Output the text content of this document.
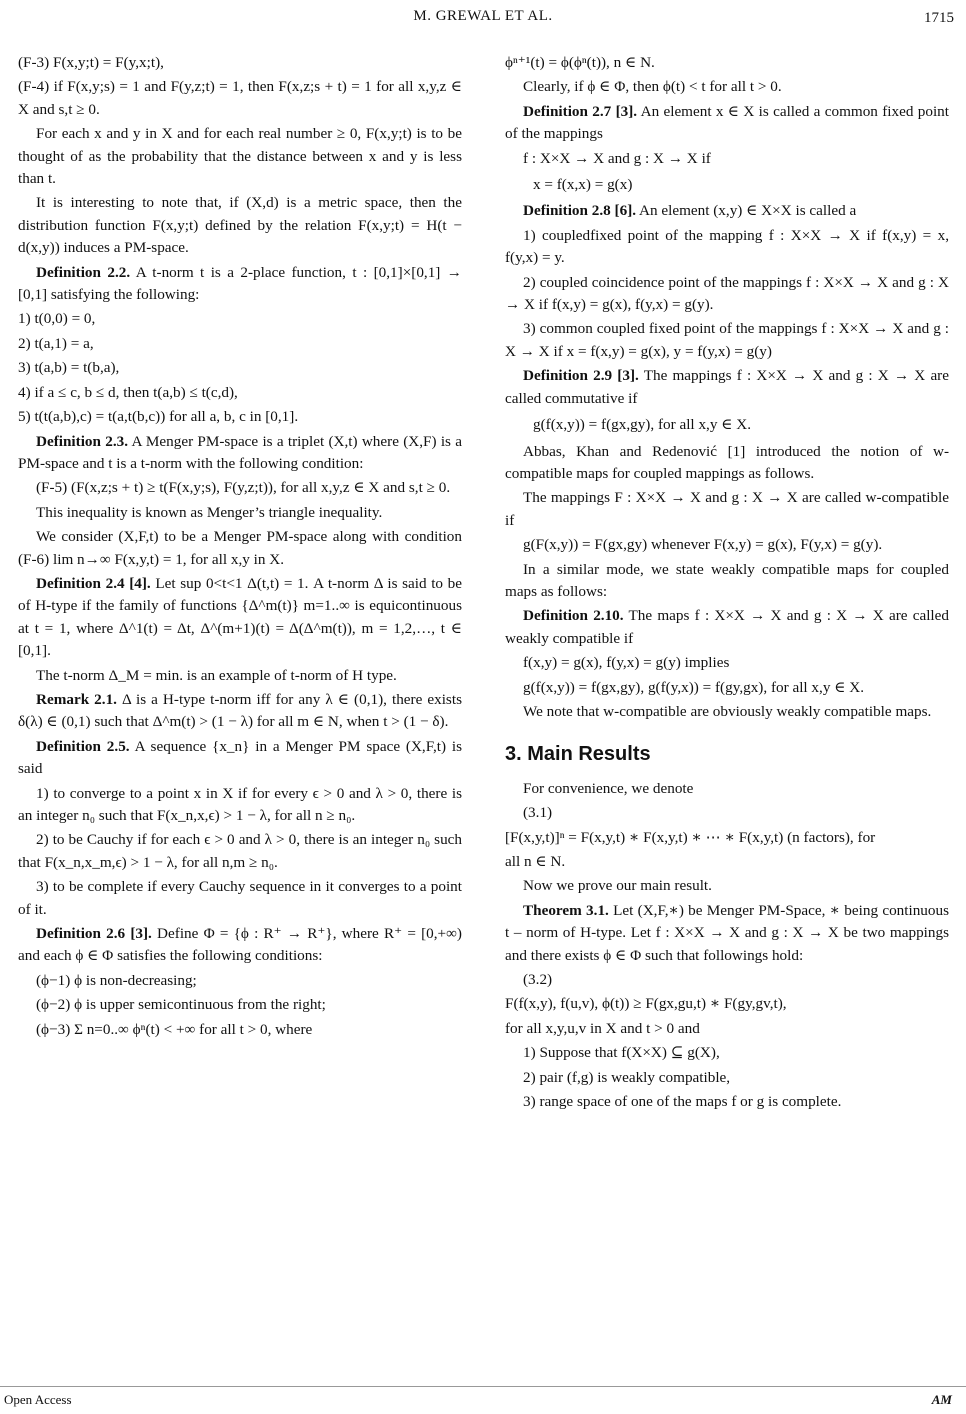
M. GREWAL ET AL.	1715

(F-3) F(x,y;t) = F(y,x;t),

(F-4) if F(x,y;s) = 1 and F(y,z;t) = 1, then F(x,z;s + t) = 1 for all x,y,z ∈ X and s,t ≥ 0.

For each x and y in X and for each real number ≥ 0, F(x,y;t) is to be thought of as the probability that the distance between x and y is less than t.

It is interesting to note that, if (X,d) is a metric space, then the distribution function F(x,y;t) defined by the relation F(x,y;t) = H(t − d(x,y)) induces a PM-space.

Definition 2.2. A t-norm t is a 2-place function, t : [0,1]×[0,1] → [0,1] satisfying the following:

1) t(0,0) = 0,

2) t(a,1) = a,

3) t(a,b) = t(b,a),

4) if a ≤ c, b ≤ d, then t(a,b) ≤ t(c,d),

5) t(t(a,b),c) = t(a,t(b,c)) for all a, b, c in [0,1].

Definition 2.3. A Menger PM-space is a triplet (X,t) where (X,F) is a PM-space and t is a t-norm with the following condition:

(F-5) (F(x,z;s + t) ≥ t(F(x,y;s), F(y,z;t)), for all x,y,z ∈ X and s,t ≥ 0.

This inequality is known as Menger’s triangle inequality.

We consider (X,F,t) to be a Menger PM-space along with condition (F-6) lim n→∞ F(x,y,t) = 1, for all x,y in X.

Definition 2.4 [4]. Let sup 0<t<1 Δ(t,t) = 1. A t-norm Δ is said to be of H-type if the family of functions {Δ^m(t)} m=1..∞ is equicontinuous at t = 1, where Δ^1(t) = Δt, Δ^(m+1)(t) = Δ(Δ^m(t)), m = 1,2,…, t ∈ [0,1].

The t-norm Δ_M = min. is an example of t-norm of H type.

Remark 2.1. Δ is a H-type t-norm iff for any λ ∈ (0,1), there exists δ(λ) ∈ (0,1) such that Δ^m(t) > (1 − λ) for all m ∈ N, when t > (1 − δ).

Definition 2.5. A sequence {x_n} in a Menger PM space (X,F,t) is said

1) to converge to a point x in X if for every ϵ > 0 and λ > 0, there is an integer n₀ such that F(x_n,x,ϵ) > 1 − λ, for all n ≥ n₀.

2) to be Cauchy if for each ϵ > 0 and λ > 0, there is an integer n₀ such that F(x_n,x_m,ϵ) > 1 − λ, for all n,m ≥ n₀.

3) to be complete if every Cauchy sequence in it converges to a point of it.

Definition 2.6 [3]. Define Φ = {ϕ : R⁺ → R⁺}, where R⁺ = [0,+∞) and each ϕ ∈ Φ satisfies the following conditions:

(ϕ−1) ϕ is non-decreasing;

(ϕ−2) ϕ is upper semicontinuous from the right;

(ϕ−3) Σ n=0..∞ ϕⁿ(t) < +∞ for all t > 0, where

ϕⁿ⁺¹(t) = ϕ(ϕⁿ(t)), n ∈ N.

Clearly, if ϕ ∈ Φ, then ϕ(t) < t for all t > 0.

Definition 2.7 [3]. An element x ∈ X is called a common fixed point of the mappings

f : X×X → X and g : X → X if

x = f(x,x) = g(x)

Definition 2.8 [6]. An element (x,y) ∈ X×X is called a

1) coupledfixed point of the mapping f : X×X → X if f(x,y) = x, f(y,x) = y.

2) coupled coincidence point of the mappings f : X×X → X and g : X → X if f(x,y) = g(x), f(y,x) = g(y).

3) common coupled fixed point of the mappings f : X×X → X and g : X → X if x = f(x,y) = g(x), y = f(y,x) = g(y)

Definition 2.9 [3]. The mappings f : X×X → X and g : X → X are called commutative if

g(f(x,y)) = f(gx,gy), for all x,y ∈ X.

Abbas, Khan and Redenović [1] introduced the notion of w-compatible maps for coupled mappings as follows.

The mappings F : X×X → X and g : X → X are called w-compatible if

g(F(x,y)) = F(gx,gy) whenever F(x,y) = g(x), F(y,x) = g(y).

In a similar mode, we state weakly compatible maps for coupled maps as follows:

Definition 2.10. The maps f : X×X → X and g : X → X are called weakly compatible if

f(x,y) = g(x), f(y,x) = g(y) implies

g(f(x,y)) = f(gx,gy), g(f(y,x)) = f(gy,gx), for all x,y ∈ X.

We note that w-compatible are obviously weakly compatible maps.

3. Main Results

For convenience, we denote

(3.1)

[F(x,y,t)]ⁿ = F(x,y,t) ∗ F(x,y,t) ∗ ⋯ ∗ F(x,y,t) (n factors), for

all n ∈ N.

Now we prove our main result.

Theorem 3.1. Let (X,F,∗) be Menger PM-Space, ∗ being continuous t – norm of H-type. Let f : X×X → X and g : X → X be two mappings and there exists ϕ ∈ Φ such that followings hold:

(3.2)

F(f(x,y), f(u,v), ϕ(t)) ≥ F(gx,gu,t) ∗ F(gy,gv,t),

for all x,y,u,v in X and t > 0 and

1) Suppose that f(X×X) ⊆ g(X),

2) pair (f,g) is weakly compatible,

3) range space of one of the maps f or g is complete.

Open Access	AM
